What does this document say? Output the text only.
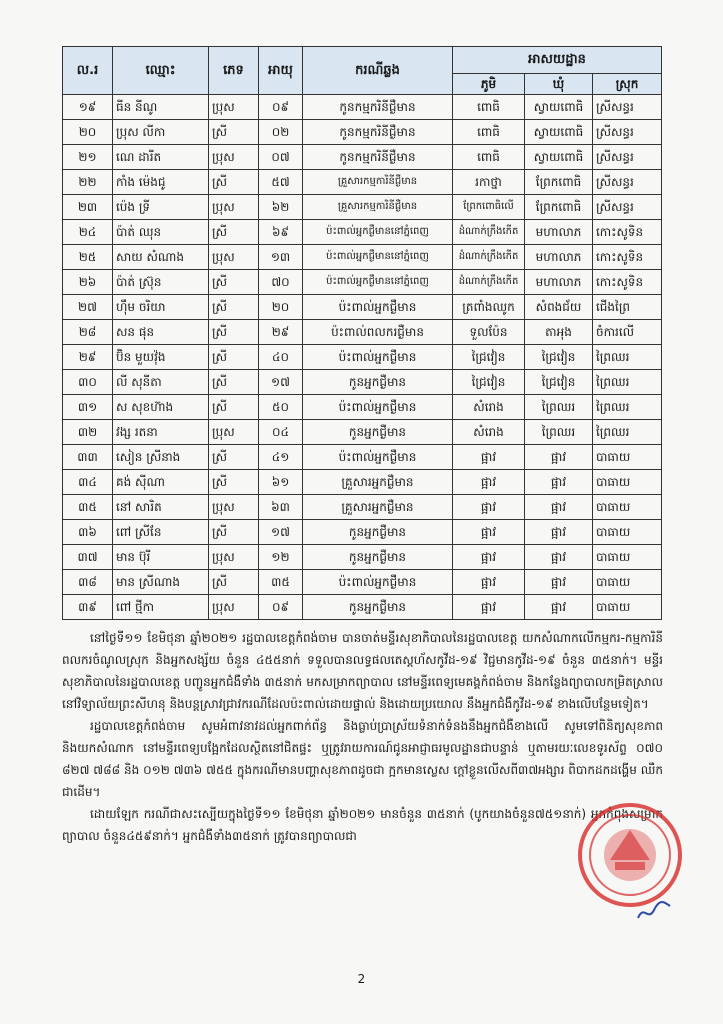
ល.រ	ឈ្មោះ	ភេទ	អាយុ	ករណីឆ្លង	អាសយដ្ឋាន		
					ភូមិ	ឃុំ	ស្រុក
១៩	ធីន នីណូ	ប្រុស	០៩	កូនកម្មករិនីជ្ងឺមាន	ពោធិ	ស្វាយពោធិ	ស្រីសន្ធរ
២០	ប្រុស លីកា	ស្រី	០២	កូនកម្មករិនីជ្ងឺមាន	ពោធិ	ស្វាយពោធិ	ស្រីសន្ធរ
២១	ណេ ដារីត	ប្រុស	០៧	កូនកម្មករិនីជ្ងឺមាន	ពោធិ	ស្វាយពោធិ	ស្រីសន្ធរ
២២	កាំង ម៉េងជូ	ស្រី	៥៧	គ្រួសារកម្មការិនីជ្ងឺមាន	រកាថ្នា	ព្រែកពោធិ	ស្រីសន្ធរ
២៣	ប៉េង ទ្រី	ប្រុស	៦២	គ្រួសារកម្មការិនីជ្ងឺមាន	ព្រែកពោធិលើ	ព្រែកពោធិ	ស្រីសន្ធរ
២៤	ប៉ាត់ ឈុន	ស្រី	៦៩	ប៉ះពាល់អ្នកជ្ងឺមាននៅភ្នំពេញ	ដំណាក់ក្រឹងកើត	មហាលាភ	កោះសូទិន
២៥	សាយ សំណាង	ប្រុស	១៣	ប៉ះពាល់អ្នកជ្ងឺមាននៅភ្នំពេញ	ដំណាក់ក្រឹងកើត	មហាលាភ	កោះសូទិន
២៦	ប៉ាត់ ស្រ៊ុន	ស្រី	៧០	ប៉ះពាល់អ្នកជ្ងឺមាននៅភ្នំពេញ	ដំណាក់ក្រឹងកើត	មហាលាភ	កោះសូទិន
២៧	ហ៊ឹម ចរិយា	ស្រី	២០	ប៉ះពាល់អ្នកជ្ងឺមាន	ត្រពាំងឈូក	សំពងជ័យ	ជើងព្រៃ
២៨	សន ផុន	ស្រី	២៩	ប៉ះពាល់ពលករជ្ងឺមាន	ទួលប៉ែន	តាអុង	ចំការលើ
២៩	ប៊ិន មួយវ៉ុង	ស្រី	៤០	ប៉ះពាល់អ្នកជ្ងឺមាន	ជ្រៃវៀន	ជ្រៃវៀន	ព្រៃឈរ
៣០	លី សុនីតា	ស្រី	១៧	កូនអ្នកជ្ងឺមាន	ជ្រៃវៀន	ជ្រៃវៀន	ព្រៃឈរ
៣១	ស សុខហ៊ាង	ស្រី	៥០	ប៉ះពាល់អ្នកជ្ងឺមាន	សំរោង	ព្រៃឈរ	ព្រៃឈរ
៣២	វង្ស រតនា	ប្រុស	០៤	កូនអ្នកជ្ងឺមាន	សំរោង	ព្រៃឈរ	ព្រៃឈរ
៣៣	សៀន ស្រីនាង	ស្រី	៤១	ប៉ះពាល់អ្នកជ្ងឺមាន	ផ្អាវ	ផ្អាវ	បាធាយ
៣៤	គង់ ស៊ីណា	ស្រី	៦១	គ្រួសារអ្នកជ្ងឺមាន	ផ្អាវ	ផ្អាវ	បាធាយ
៣៥	នៅ សារិត	ប្រុស	៦៣	គ្រួសារអ្នកជ្ងឺមាន	ផ្អាវ	ផ្អាវ	បាធាយ
៣៦	ពៅ ស្រីនែ	ស្រី	១៧	កូនអ្នកជ្ងឺមាន	ផ្អាវ	ផ្អាវ	បាធាយ
៣៧	មាន ប៊ុរី	ប្រុស	១២	កូនអ្នកជ្ងឺមាន	ផ្អាវ	ផ្អាវ	បាធាយ
៣៨	មាន ស្រីណាង	ស្រី	៣៥	ប៉ះពាល់អ្នកជ្ងឺមាន	ផ្អាវ	ផ្អាវ	បាធាយ
៣៩	ពៅ ថ្មីកា	ប្រុស	០៩	កូនអ្នកជ្ងឺមាន	ផ្អាវ	ផ្អាវ	បាធាយ

នៅថ្ងៃទី១១ ខែមិថុនា ឆ្នាំ២០២១ រដ្ឋបាលខេត្តកំពង់ចាម បានចាត់មន្ទីរសុខាភិបាលនៃរដ្ឋបាលខេត្ត យកសំណាកលើកម្មករ-កម្មការិនី ពលករចំណូលស្រុក និងអ្នកសង្ស័យ ចំនួន ៤៥៥នាក់ ទទួលបានលទ្ធផលតេស្តហ័សកូវីដ-១៩ វិជ្ជមានកូវីដ-១៩ ចំនួន ៣៥នាក់។ មន្ទីរសុខាភិបាលនៃរដ្ឋបាលខេត្ត បញ្ជូនអ្នកជំងឺទាំង ៣៥នាក់ មកសម្រាកព្យាបាល នៅមន្ទីរពេទ្យមេគង្គកំពង់ចាម និងកន្លែងព្យាបាលកម្រិតស្រាល នៅវិទ្យាល័យព្រះសីហនុ និងបន្តស្រាវជ្រាវករណីដែលប៉ះពាល់ដោយផ្ទាល់ និងដោយប្រយោល នឹងអ្នកជំងឺកូវីដ-១៩ ខាងលើបន្ថែមទៀត។

រដ្ឋបាលខេត្តកំពង់ចាម សូមអំពាវនាវដល់អ្នកពាក់ព័ន្ធ និងធ្លាប់ប្រាស្រ័យទំនាក់ទំនងនឹងអ្នកជំងឺខាងលើ សូមទៅពិនិត្យសុខភាព និងយកសំណាក នៅមន្ទីរពេទ្យបង្អែកដែលស្ថិតនៅជិតផ្ទះ ឬត្រូវរាយការណ៍ជូនអាជ្ញាធរមូលដ្ឋានជាបន្ទាន់ ឬតាមរយៈលេខទូរស័ព្ទ ០៧០ ៨២៧ ៧៨៨ និង ០១២ ៧៣៦ ៧៥៥ ក្នុងករណីមានបញ្ហាសុខភាពដូចជា ក្អកមានស្លេស ក្តៅខ្លួនលើសពី៣៧អង្សារ ពិបាកដកដង្ហើម ឈឺក ជាដើម។

ដោយឡែក ករណីជាសះស្បើយក្នុងថ្ងៃទី១១ ខែមិថុនា ឆ្នាំ២០២១ មានចំនួន ៣៥នាក់ (បូកយាងចំនួន៧៥១នាក់) អ្នកកំពុងសម្រាកព្យាបាល ចំនួន៤៥៩នាក់។ អ្នកជំងឺទាំង៣៥នាក់ ត្រូវបានព្យាបាលជា

2
